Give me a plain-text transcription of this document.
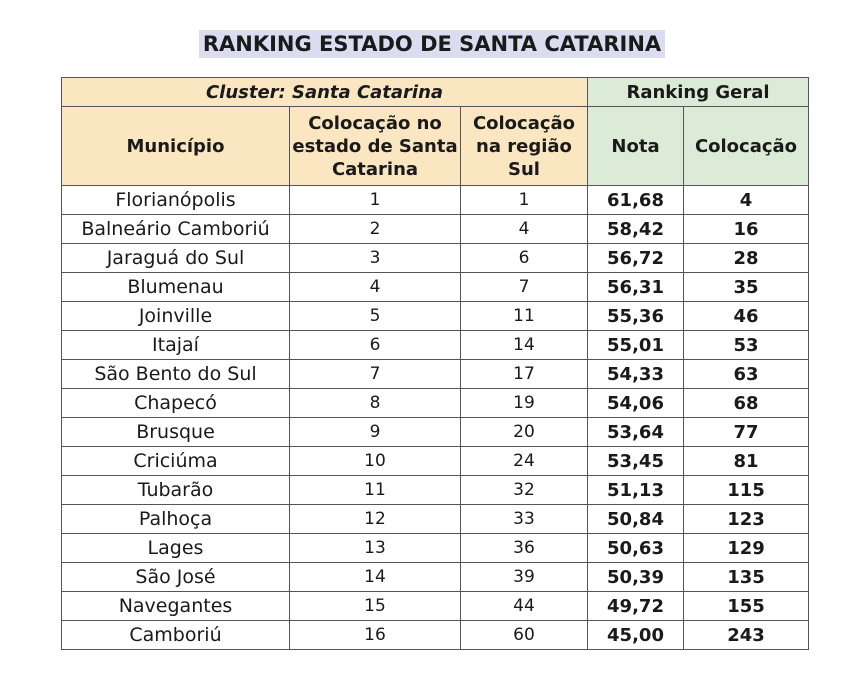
RANKING ESTADO DE SANTA CATARINA
Cluster: Santa Catarina			Ranking Geral	
Município	Colocação no estado de Santa Catarina	Colocação na região Sul	Nota	Colocação
Florianópolis	1	1	61,68	4
Balneário Camboriú	2	4	58,42	16
Jaraguá do Sul	3	6	56,72	28
Blumenau	4	7	56,31	35
Joinville	5	11	55,36	46
Itajaí	6	14	55,01	53
São Bento do Sul	7	17	54,33	63
Chapecó	8	19	54,06	68
Brusque	9	20	53,64	77
Criciúma	10	24	53,45	81
Tubarão	11	32	51,13	115
Palhoça	12	33	50,84	123
Lages	13	36	50,63	129
São José	14	39	50,39	135
Navegantes	15	44	49,72	155
Camboriú	16	60	45,00	243
